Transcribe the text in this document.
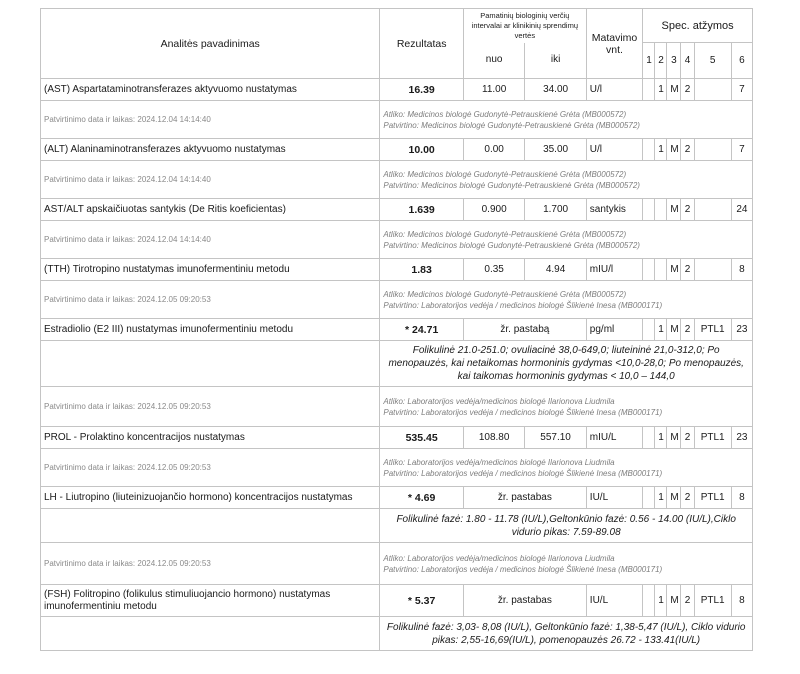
Analitės pavadinimas	Rezultatas	Pamatinių biologinių verčių intervalai ar klinikinių sprendimų vertės		Matavimo vnt.	Spec. atžymos					
		nuo	iki		1	2	3	4	5	6
(AST) Aspartataminotransferazes aktyvuomo nustatymas	16.39	11.00	34.00	U/l		1	M	2		7
Patvirtinimo data ir laikas: 2024.12.04 14:14:40	Atliko: Medicinos biologė Gudonytė-Petrauskienė Grėta (MB000572)
Patvirtino: Medicinos biologė Gudonytė-Petrauskienė Grėta (MB000572)									

(ALT) Alaninaminotransferazes aktyvuomo nustatymas	10.00	0.00	35.00	U/l		1	M	2		7
Patvirtinimo data ir laikas: 2024.12.04 14:14:40	Atliko: Medicinos biologė Gudonytė-Petrauskienė Grėta (MB000572)
Patvirtino: Medicinos biologė Gudonytė-Petrauskienė Grėta (MB000572)									

AST/ALT apskaičiuotas santykis (De Ritis koeficientas)	1.639	0.900	1.700	santykis			M	2		24
Patvirtinimo data ir laikas: 2024.12.04 14:14:40	Atliko: Medicinos biologė Gudonytė-Petrauskienė Grėta (MB000572)
Patvirtino: Medicinos biologė Gudonytė-Petrauskienė Grėta (MB000572)									

(TTH) Tirotropino nustatymas imunofermentiniu metodu	1.83	0.35	4.94	mIU/l			M	2		8
Patvirtinimo data ir laikas: 2024.12.05 09:20:53	Atliko: Medicinos biologė Gudonytė-Petrauskienė Grėta (MB000572)
Patvirtino: Laboratorijos vedėja / medicinos biologė Šlikienė Inesa (MB000171)									

Estradiolio (E2 III) nustatymas imunofermentiniu metodu	* 24.71	žr. pastabą		pg/ml		1	M	2	PTL1	23
	Folikulinė 21.0-251.0; ovuliacinė 38,0-649,0; liuteininė 21,0-312,0; Po menopauzės, kai netaikomas hormoninis gydymas <10,0-28,0; Po menopauzės, kai taikomas hormoninis gydymas < 10,0 – 144,0									
Patvirtinimo data ir laikas: 2024.12.05 09:20:53	Atliko: Laboratorijos vedėja/medicinos biologė Ilarionova Liudmila
Patvirtino: Laboratorijos vedėja / medicinos biologė Šlikienė Inesa (MB000171)									

PROL - Prolaktino koncentracijos nustatymas	535.45	108.80	557.10	mIU/L		1	M	2	PTL1	23
Patvirtinimo data ir laikas: 2024.12.05 09:20:53	Atliko: Laboratorijos vedėja/medicinos biologė Ilarionova Liudmila
Patvirtino: Laboratorijos vedėja / medicinos biologė Šlikienė Inesa (MB000171)									

LH - Liutropino (liuteinizuojančio hormono) koncentracijos nustatymas	* 4.69	žr. pastabas		IU/L		1	M	2	PTL1	8
	Folikulinė fazė: 1.80 - 11.78 (IU/L),Geltonkūnio fazė: 0.56 - 14.00 (IU/L),Ciklo vidurio pikas: 7.59-89.08									
Patvirtinimo data ir laikas: 2024.12.05 09:20:53	Atliko: Laboratorijos vedėja/medicinos biologė Ilarionova Liudmila
Patvirtino: Laboratorijos vedėja / medicinos biologė Šlikienė Inesa (MB000171)									

(FSH) Folitropino (folikulus stimuliuojancio hormono) nustatymas imunofermentiniu metodu	* 5.37	žr. pastabas		IU/L		1	M	2	PTL1	8
	Folikulinė fazė: 3,03- 8,08 (IU/L), Geltonkūnio fazė: 1,38-5,47 (IU/L), Ciklo vidurio pikas: 2,55-16,69(IU/L), pomenopauzės 26.72 - 133.41(IU/L)									
